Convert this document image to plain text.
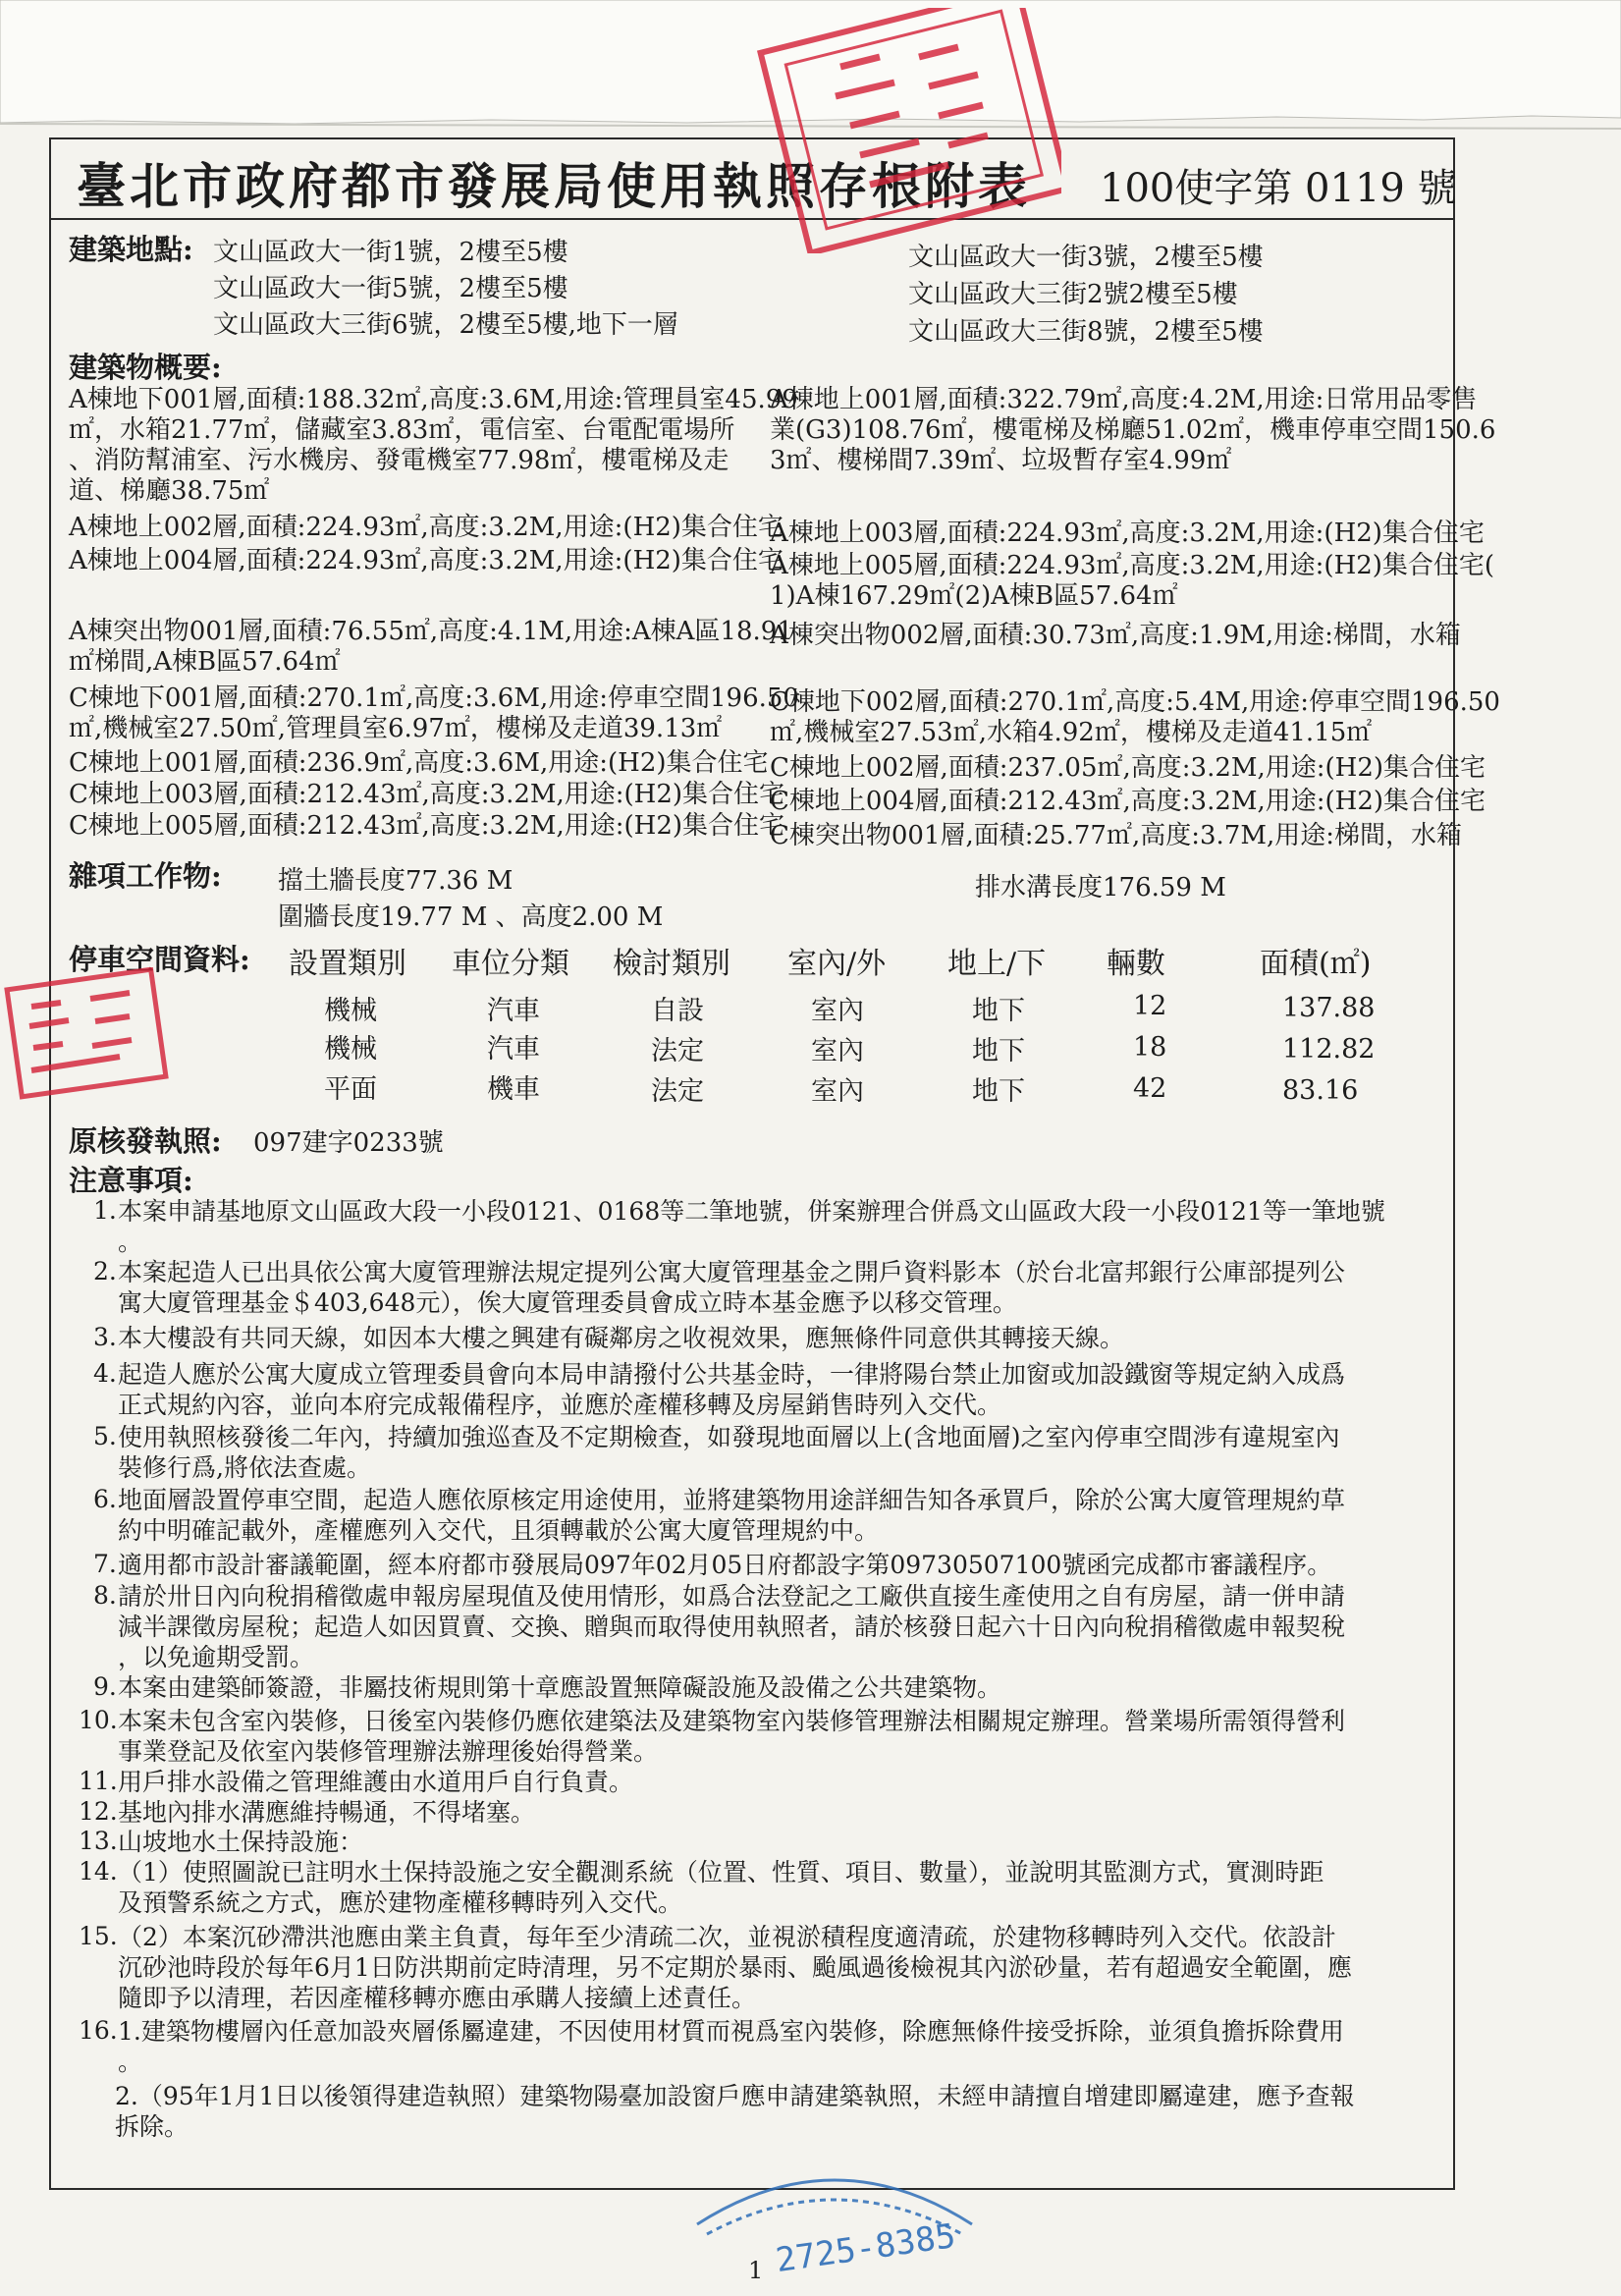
臺北市政府都市發展局使用執照存根附表 100使字第 0119 號
建築地點: 文山區政大一街1號，2樓至5樓
文山區政大一街5號，2樓至5樓
文山區政大三街6號，2樓至5樓,地下一層
文山區政大一街3號，2樓至5樓
文山區政大三街2號2樓至5樓
文山區政大三街8號，2樓至5樓
建築物概要:
A棟地下001層,面積:188.32㎡,高度:3.6M,用途:管理員室45.99
㎡，水箱21.77㎡，儲藏室3.83㎡，電信室、台電配電場所
、消防幫浦室、污水機房、發電機室77.98㎡，樓電梯及走
道、梯廳38.75㎡
A棟地上002層,面積:224.93㎡,高度:3.2M,用途:(H2)集合住宅
A棟地上004層,面積:224.93㎡,高度:3.2M,用途:(H2)集合住宅
A棟突出物001層,面積:76.55㎡,高度:4.1M,用途:A棟A區18.91
㎡梯間,A棟B區57.64㎡
C棟地下001層,面積:270.1㎡,高度:3.6M,用途:停車空間196.50
㎡,機械室27.50㎡,管理員室6.97㎡，樓梯及走道39.13㎡
C棟地上001層,面積:236.9㎡,高度:3.6M,用途:(H2)集合住宅
C棟地上003層,面積:212.43㎡,高度:3.2M,用途:(H2)集合住宅
C棟地上005層,面積:212.43㎡,高度:3.2M,用途:(H2)集合住宅
A棟地上001層,面積:322.79㎡,高度:4.2M,用途:日常用品零售
業(G3)108.76㎡，樓電梯及梯廳51.02㎡，機車停車空間150.6
3㎡、樓梯間7.39㎡、垃圾暫存室4.99㎡
A棟地上003層,面積:224.93㎡,高度:3.2M,用途:(H2)集合住宅
A棟地上005層,面積:224.93㎡,高度:3.2M,用途:(H2)集合住宅(
1)A棟167.29㎡(2)A棟B區57.64㎡
A棟突出物002層,面積:30.73㎡,高度:1.9M,用途:梯間，水箱
C棟地下002層,面積:270.1㎡,高度:5.4M,用途:停車空間196.50
㎡,機械室27.53㎡,水箱4.92㎡，樓梯及走道41.15㎡
C棟地上002層,面積:237.05㎡,高度:3.2M,用途:(H2)集合住宅
C棟地上004層,面積:212.43㎡,高度:3.2M,用途:(H2)集合住宅
C棟突出物001層,面積:25.77㎡,高度:3.7M,用途:梯間，水箱
雜項工作物: 擋土牆長度77.36 M
圍牆長度19.77 M 、高度2.00 M
排水溝長度176.59 M
停車空間資料: 設置類別 車位分類 檢討類別 室內/外 地上/下 輛數	面積(㎡)
機械	汽車	自設	室內	地下	12	137.88
機械	汽車	法定	室內	地下	18	112.82
平面	機車	法定	室內	地下	42	83.16
原核發執照: 097建字0233號
注意事項:
1. 本案申請基地原文山區政大段一小段0121、0168等二筆地號，併案辦理合併爲文山區政大段一小段0121等一筆地號
。
2. 本案起造人已出具依公寓大廈管理辦法規定提列公寓大廈管理基金之開戶資料影本（於台北富邦銀行公庫部提列公
寓大廈管理基金＄403,648元），俟大廈管理委員會成立時本基金應予以移交管理。
3. 本大樓設有共同天線，如因本大樓之興建有礙鄰房之收視效果，應無條件同意供其轉接天線。
4. 起造人應於公寓大廈成立管理委員會向本局申請撥付公共基金時，一律將陽台禁止加窗或加設鐵窗等規定納入成爲
正式規約內容，並向本府完成報備程序，並應於產權移轉及房屋銷售時列入交代。
5. 使用執照核發後二年內，持續加強巡查及不定期檢查，如發現地面層以上(含地面層)之室內停車空間涉有違規室內
裝修行爲,將依法查處。
6. 地面層設置停車空間，起造人應依原核定用途使用，並將建築物用途詳細告知各承買戶，除於公寓大廈管理規約草
約中明確記載外，產權應列入交代，且須轉載於公寓大廈管理規約中。
7. 適用都市設計審議範圍，經本府都市發展局097年02月05日府都設字第09730507100號函完成都市審議程序。
8. 請於卅日內向稅捐稽徵處申報房屋現值及使用情形，如爲合法登記之工廠供直接生產使用之自有房屋，請一併申請
減半課徵房屋稅；起造人如因買賣、交換、贈與而取得使用執照者，請於核發日起六十日內向稅捐稽徵處申報契稅
，以免逾期受罰。
9. 本案由建築師簽證，非屬技術規則第十章應設置無障礙設施及設備之公共建築物。
10. 本案未包含室內裝修，日後室內裝修仍應依建築法及建築物室內裝修管理辦法相關規定辦理。營業場所需領得營利
事業登記及依室內裝修管理辦法辦理後始得營業。
11. 用戶排水設備之管理維護由水道用戶自行負責。
12. 基地內排水溝應維持暢通，不得堵塞。
13. 山坡地水土保持設施：
14. （1）使照圖說已註明水土保持設施之安全觀測系統（位置、性質、項目、數量），並說明其監測方式，實測時距
及預警系統之方式，應於建物產權移轉時列入交代。
15. （2）本案沉砂滯洪池應由業主負責，每年至少清疏二次，並視淤積程度適清疏，於建物移轉時列入交代。依設計
沉砂池時段於每年6月1日防洪期前定時清理，另不定期於暴雨、颱風過後檢視其內淤砂量，若有超過安全範圍，應
隨即予以清理，若因產權移轉亦應由承購人接續上述責任。
16. 1.建築物樓層內任意加設夾層係屬違建，不因使用材質而視爲室內裝修，除應無條件接受拆除，並須負擔拆除費用
。
2.（95年1月1日以後領得建造執照）建築物陽臺加設窗戶應申請建築執照，未經申請擅自增建即屬違建，應予查報
拆除。
2725-8385
1
